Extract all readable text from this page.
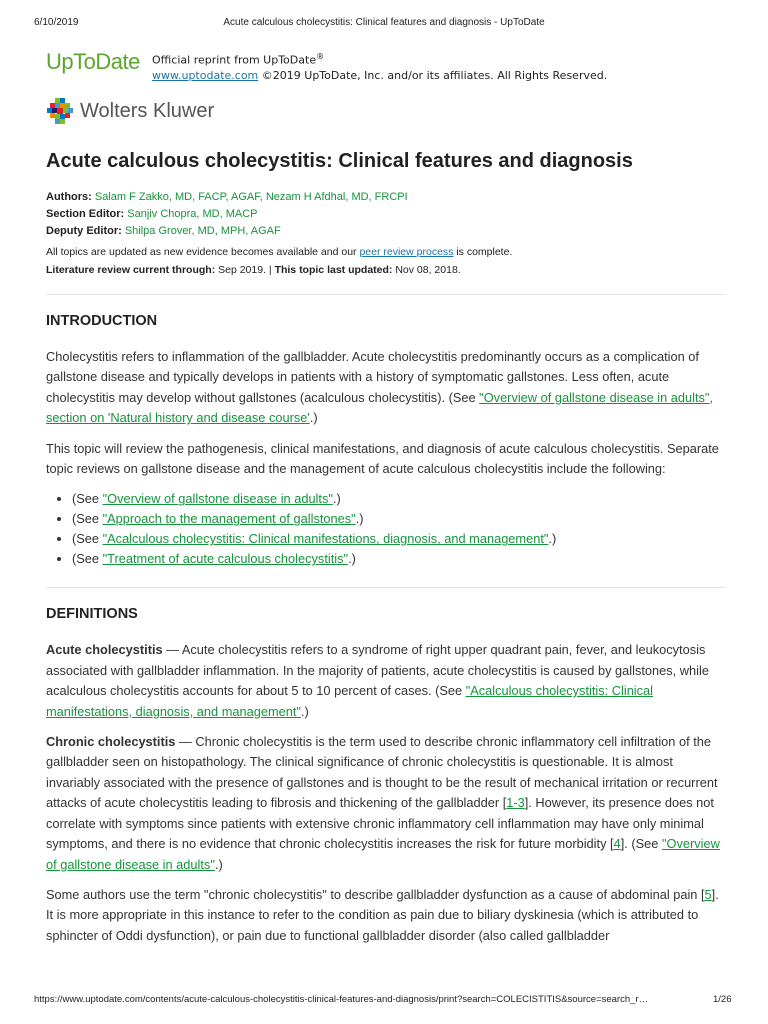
6/10/2019	Acute calculous cholecystitis: Clinical features and diagnosis - UpToDate
UpToDate Official reprint from UpToDate®
www.uptodate.com ©2019 UpToDate, Inc. and/or its affiliates. All Rights Reserved.
Wolters Kluwer
Acute calculous cholecystitis: Clinical features and diagnosis
Authors: Salam F Zakko, MD, FACP, AGAF, Nezam H Afdhal, MD, FRCPI
Section Editor: Sanjiv Chopra, MD, MACP
Deputy Editor: Shilpa Grover, MD, MPH, AGAF
All topics are updated as new evidence becomes available and our peer review process is complete.
Literature review current through: Sep 2019. | This topic last updated: Nov 08, 2018.
INTRODUCTION

Cholecystitis refers to inflammation of the gallbladder. Acute cholecystitis predominantly occurs as a complication of gallstone disease and typically develops in patients with a history of symptomatic gallstones. Less often, acute cholecystitis may develop without gallstones (acalculous cholecystitis). (See "Overview of gallstone disease in adults", section on 'Natural history and disease course'.)

This topic will review the pathogenesis, clinical manifestations, and diagnosis of acute calculous cholecystitis. Separate topic reviews on gallstone disease and the management of acute calculous cholecystitis include the following:

• (See "Overview of gallstone disease in adults".)
• (See "Approach to the management of gallstones".)
• (See "Acalculous cholecystitis: Clinical manifestations, diagnosis, and management".)
• (See "Treatment of acute calculous cholecystitis".)
DEFINITIONS

Acute cholecystitis — Acute cholecystitis refers to a syndrome of right upper quadrant pain, fever, and leukocytosis associated with gallbladder inflammation. In the majority of patients, acute cholecystitis is caused by gallstones, while acalculous cholecystitis accounts for about 5 to 10 percent of cases. (See "Acalculous cholecystitis: Clinical manifestations, diagnosis, and management".)

Chronic cholecystitis — Chronic cholecystitis is the term used to describe chronic inflammatory cell infiltration of the gallbladder seen on histopathology. The clinical significance of chronic cholecystitis is questionable. It is almost invariably associated with the presence of gallstones and is thought to be the result of mechanical irritation or recurrent attacks of acute cholecystitis leading to fibrosis and thickening of the gallbladder [1-3]. However, its presence does not correlate with symptoms since patients with extensive chronic inflammatory cell inflammation may have only minimal symptoms, and there is no evidence that chronic cholecystitis increases the risk for future morbidity [4]. (See "Overview of gallstone disease in adults".)

Some authors use the term "chronic cholecystitis" to describe gallbladder dysfunction as a cause of abdominal pain [5]. It is more appropriate in this instance to refer to the condition as pain due to biliary dyskinesia (which is attributed to sphincter of Oddi dysfunction), or pain due to functional gallbladder disorder (also called gallbladder

https://www.uptodate.com/contents/acute-calculous-cholecystitis-clinical-features-and-diagnosis/print?search=COLECISTITIS&source=search_r…	1/26
